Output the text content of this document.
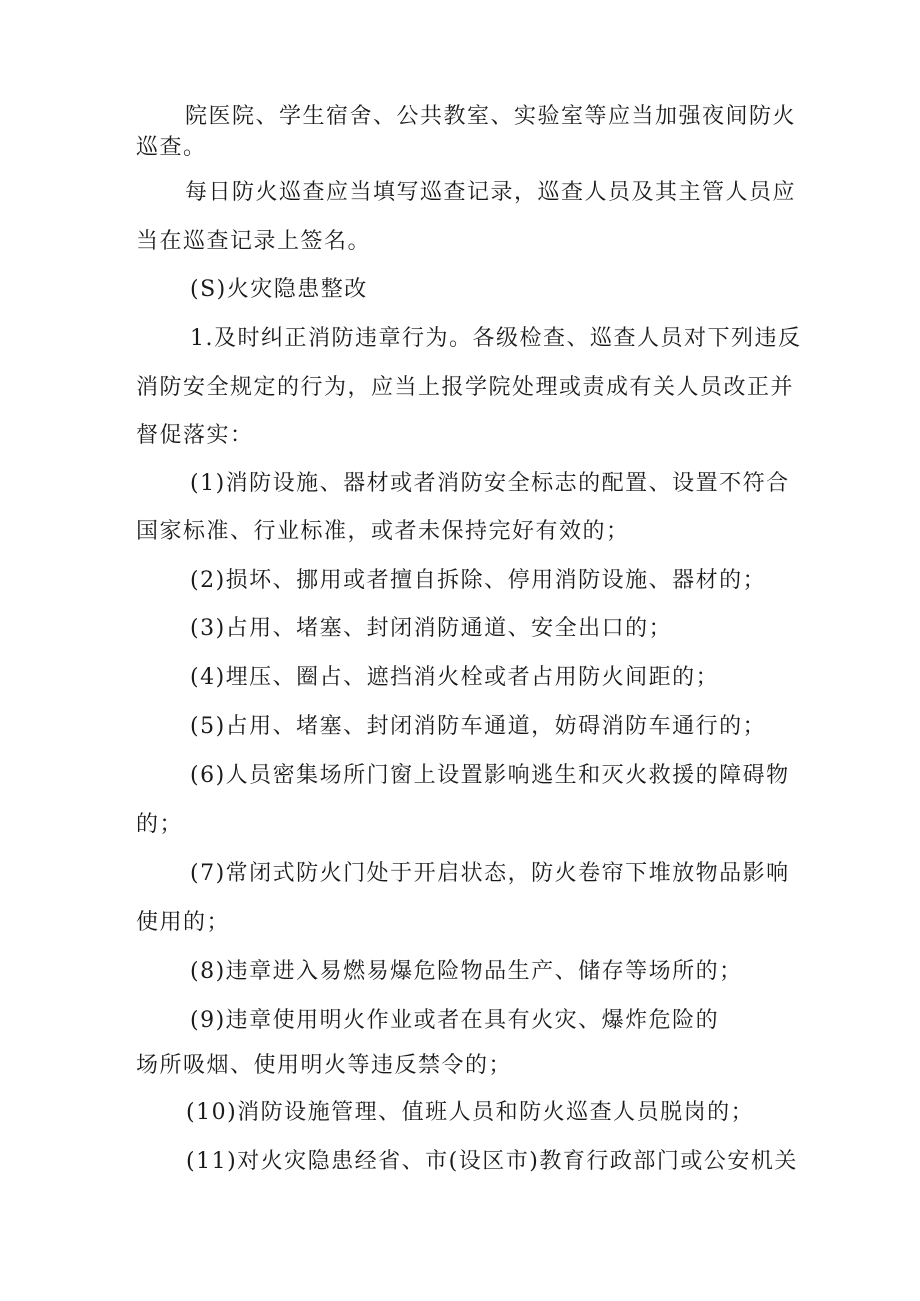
院医院、学生宿舍、公共教室、实验室等应当加强夜间防火
巡查。
每日防火巡查应当填写巡查记录，巡查人员及其主管人员应
当在巡查记录上签名。
(S)火灾隐患整改
1.及时纠正消防违章行为。各级检查、巡查人员对下列违反
消防安全规定的行为，应当上报学院处理或责成有关人员改正并
督促落实：
(1)消防设施、器材或者消防安全标志的配置、设置不符合
国家标准、行业标准，或者未保持完好有效的；
(2)损坏、挪用或者擅自拆除、停用消防设施、器材的；
(3)占用、堵塞、封闭消防通道、安全出口的；
(4)埋压、圈占、遮挡消火栓或者占用防火间距的；
(5)占用、堵塞、封闭消防车通道，妨碍消防车通行的；
(6)人员密集场所门窗上设置影响逃生和灭火救援的障碍物
的；
(7)常闭式防火门处于开启状态，防火卷帘下堆放物品影响
使用的；
(8)违章进入易燃易爆危险物品生产、储存等场所的；
(9)违章使用明火作业或者在具有火灾、爆炸危险的
场所吸烟、使用明火等违反禁令的；
(10)消防设施管理、值班人员和防火巡查人员脱岗的；
(11)对火灾隐患经省、市(设区市)教育行政部门或公安机关
